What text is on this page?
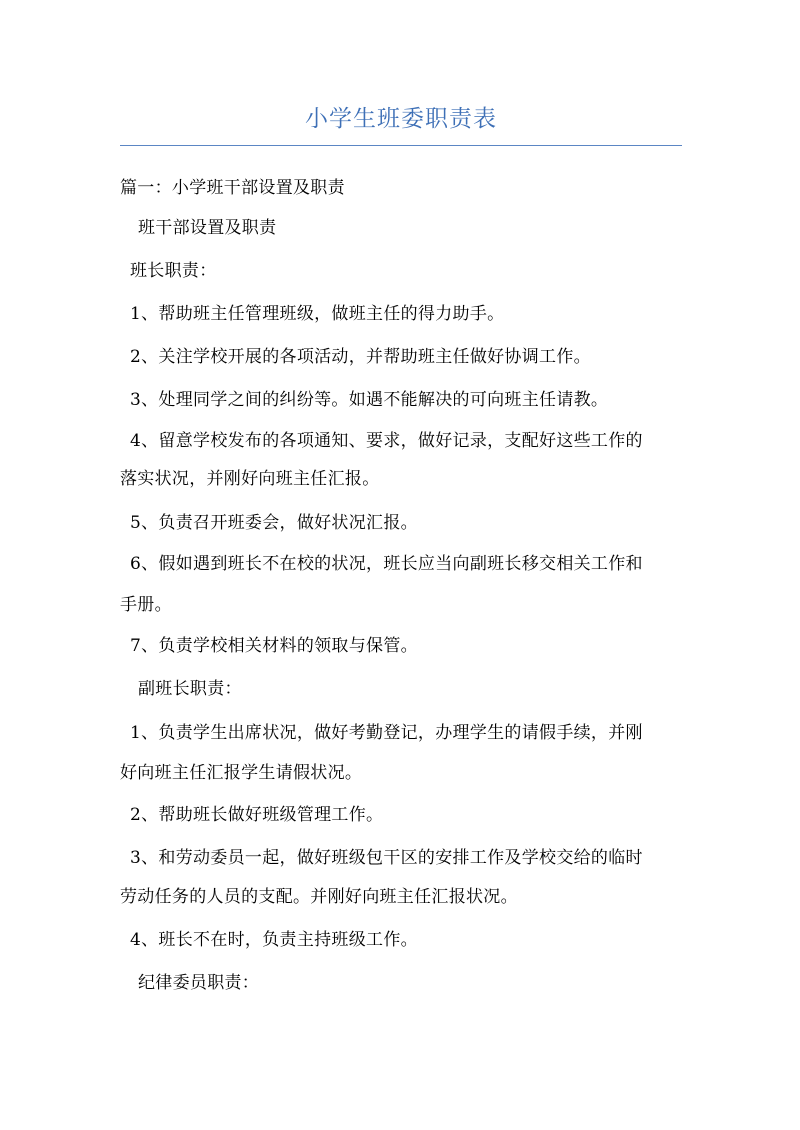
小学生班委职责表
篇一：小学班干部设置及职责
班干部设置及职责
班长职责：
1、帮助班主任管理班级，做班主任的得力助手。
2、关注学校开展的各项活动，并帮助班主任做好协调工作。
3、处理同学之间的纠纷等。如遇不能解决的可向班主任请教。
4、留意学校发布的各项通知、要求，做好记录，支配好这些工作的
落实状况，并刚好向班主任汇报。
5、负责召开班委会，做好状况汇报。
6、假如遇到班长不在校的状况，班长应当向副班长移交相关工作和
手册。
7、负责学校相关材料的领取与保管。
副班长职责：
1、负责学生出席状况，做好考勤登记，办理学生的请假手续，并刚
好向班主任汇报学生请假状况。
2、帮助班长做好班级管理工作。
3、和劳动委员一起，做好班级包干区的安排工作及学校交给的临时
劳动任务的人员的支配。并刚好向班主任汇报状况。
4、班长不在时，负责主持班级工作。
纪律委员职责：
